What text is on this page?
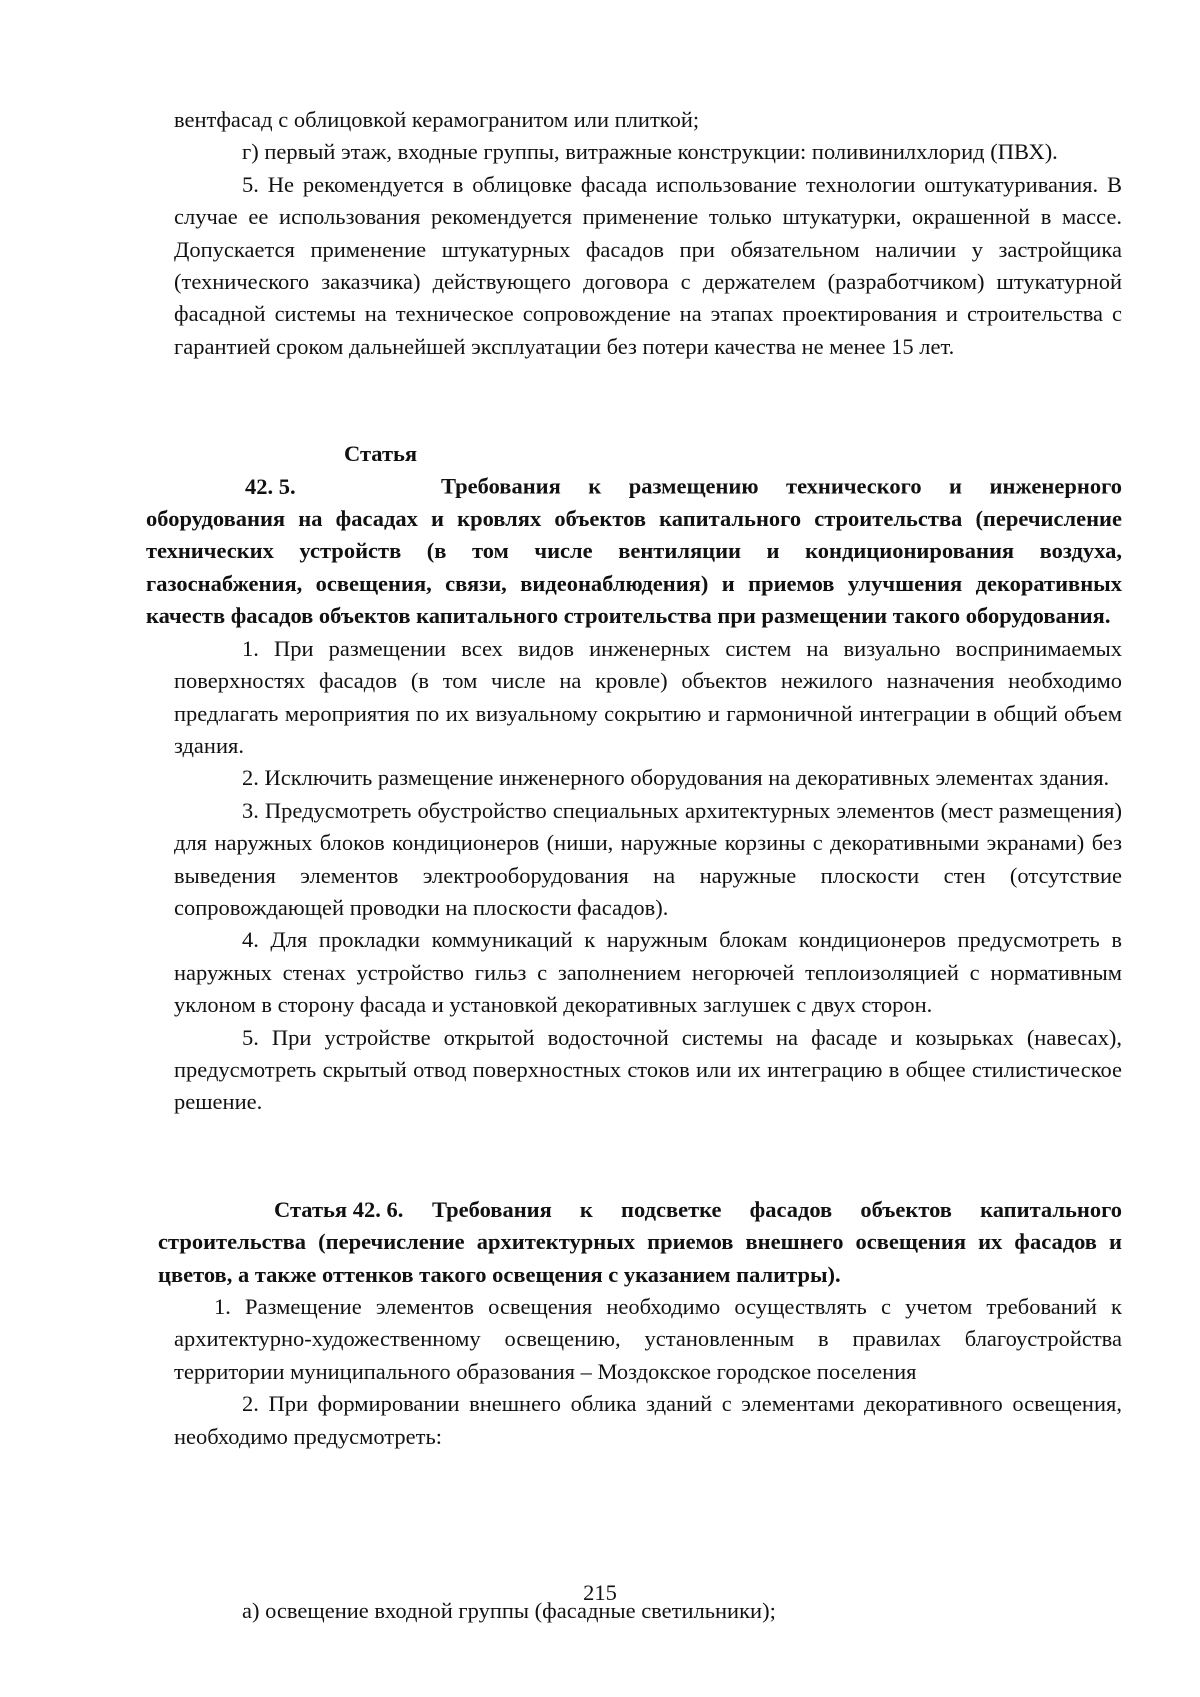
вентфасад с облицовкой керамогранитом или плиткой;

г) первый этаж, входные группы, витражные конструкции: поливинилхлорид (ПВХ).

5. Не рекомендуется в облицовке фасада использование технологии оштукатуривания. В случае ее использования рекомендуется применение только штукатурки, окрашенной в массе. Допускается применение штукатурных фасадов при обязательном наличии у застройщика (технического заказчика) действующего договора с держателем (разработчиком) штукатурной фасадной системы на техническое сопровождение на этапах проектирования и строительства с гарантией сроком дальнейшей эксплуатации без потери качества не менее 15 лет.

Статья 42. 5.	Требования к размещению технического и инженерного оборудования на фасадах и кровлях объектов капитального строительства (перечисление технических устройств (в том числе вентиляции и кондиционирования воздуха, газоснабжения, освещения, связи, видеонаблюдения) и приемов улучшения декоративных качеств фасадов объектов капитального строительства при размещении такого оборудования.

1. При размещении всех видов инженерных систем на визуально воспринимаемых поверхностях фасадов (в том числе на кровле) объектов нежилого назначения необходимо предлагать мероприятия по их визуальному сокрытию и гармоничной интеграции в общий объем здания.

2. Исключить размещение инженерного оборудования на декоративных элементах здания.

3. Предусмотреть обустройство специальных архитектурных элементов (мест размещения) для наружных блоков кондиционеров (ниши, наружные корзины с декоративными экранами) без выведения элементов электрооборудования на наружные плоскости стен (отсутствие сопровождающей проводки на плоскости фасадов).

4. Для прокладки коммуникаций к наружным блокам кондиционеров предусмотреть в наружных стенах устройство гильз с заполнением негорючей теплоизоляцией с нормативным уклоном в сторону фасада и установкой декоративных заглушек с двух сторон.

5. При устройстве открытой водосточной системы на фасаде и козырьках (навесах), предусмотреть скрытый отвод поверхностных стоков или их интеграцию в общее стилистическое решение.

Статья 42. 6. Требования к подсветке фасадов объектов капитального строительства (перечисление архитектурных приемов внешнего освещения их фасадов и цветов, а также оттенков такого освещения с указанием палитры).

1. Размещение элементов освещения необходимо осуществлять с учетом требований к архитектурно-художественному освещению, установленным в правилах благоустройства территории муниципального образования – Моздокское городское поселения

2. При формировании внешнего облика зданий с элементами декоративного освещения, необходимо предусмотреть:

215
а) освещение входной группы (фасадные светильники);
